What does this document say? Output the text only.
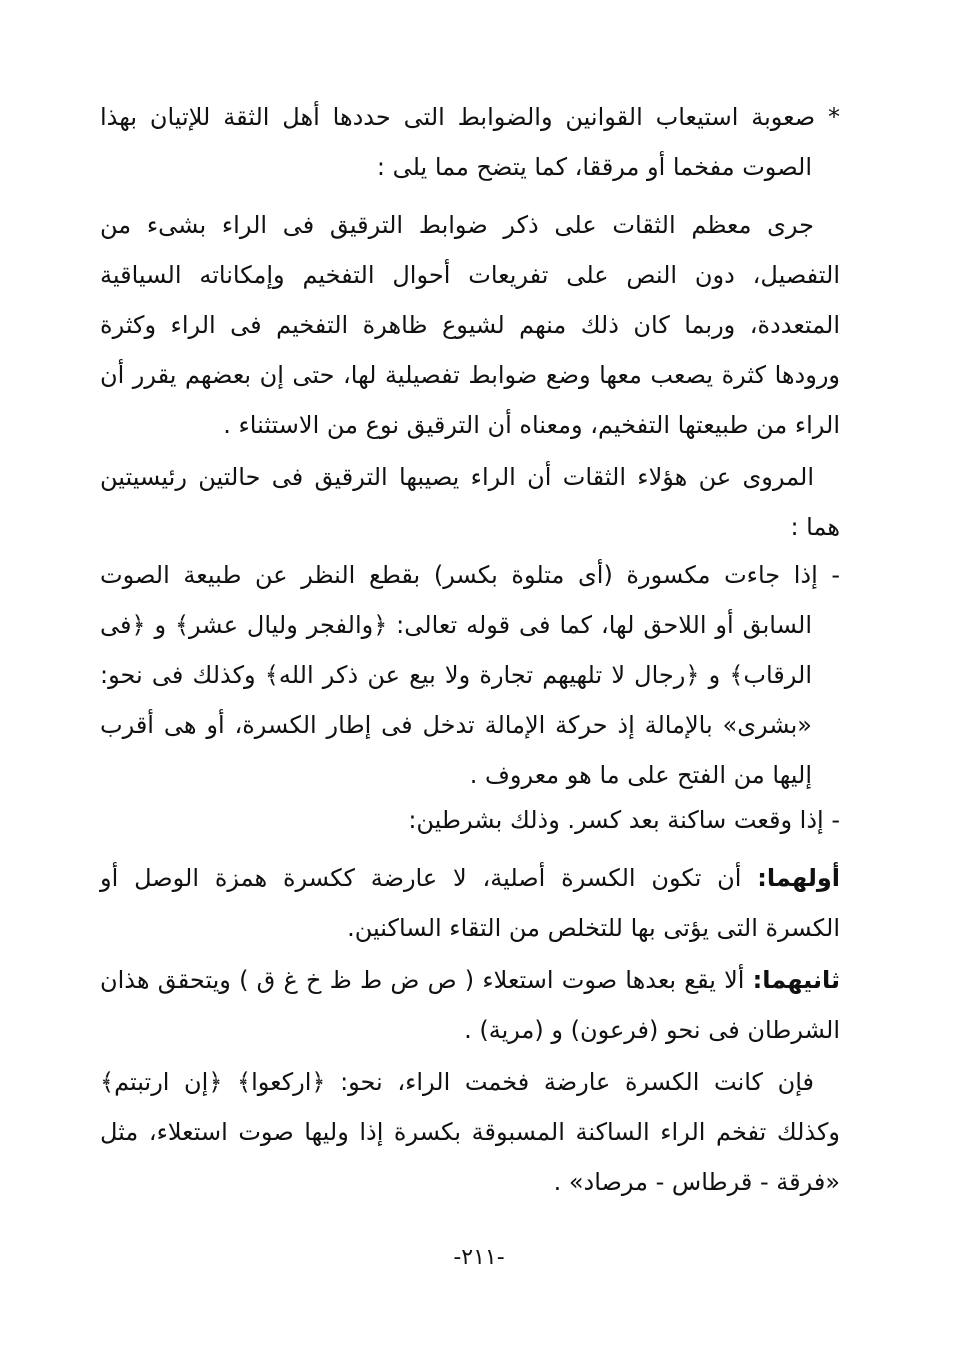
* صعوبة استيعاب القوانين والضوابط التى حددها أهل الثقة للإتيان بهذا الصوت مفخما أو مرققا، كما يتضح مما يلى :

جرى معظم الثقات على ذكر ضوابط الترقيق فى الراء بشىء من التفصيل، دون النص على تفريعات أحوال التفخيم وإمكاناته السياقية المتعددة، وربما كان ذلك منهم لشيوع ظاهرة التفخيم فى الراء وكثرة ورودها كثرة يصعب معها وضع ضوابط تفصيلية لها، حتى إن بعضهم يقرر أن الراء من طبيعتها التفخيم، ومعناه أن الترقيق نوع من الاستثناء .

المروى عن هؤلاء الثقات أن الراء يصيبها الترقيق فى حالتين رئيسيتين هما :

- إذا جاءت مكسورة (أى متلوة بكسر) بقطع النظر عن طبيعة الصوت السابق أو اللاحق لها، كما فى قوله تعالى: ﴿والفجر وليال عشر﴾ و ﴿فى الرقاب﴾ و ﴿رجال لا تلهيهم تجارة ولا بيع عن ذكر الله﴾ وكذلك فى نحو: «بشرى» بالإمالة إذ حركة الإمالة تدخل فى إطار الكسرة، أو هى أقرب إليها من الفتح على ما هو معروف .

- إذا وقعت ساكنة بعد كسر. وذلك بشرطين:

أولهما: أن تكون الكسرة أصلية، لا عارضة ككسرة همزة الوصل أو الكسرة التى يؤتى بها للتخلص من التقاء الساكنين.

ثانيهما: ألا يقع بعدها صوت استعلاء ( ص ض ط ظ خ غ ق ) ويتحقق هذان الشرطان فى نحو (فرعون) و (مرية) .

فإن كانت الكسرة عارضة فخمت الراء، نحو: ﴿اركعوا﴾ ﴿إن ارتبتم﴾ وكذلك تفخم الراء الساكنة المسبوقة بكسرة إذا وليها صوت استعلاء، مثل «فرقة - قرطاس - مرصاد» .

-٢١١-
